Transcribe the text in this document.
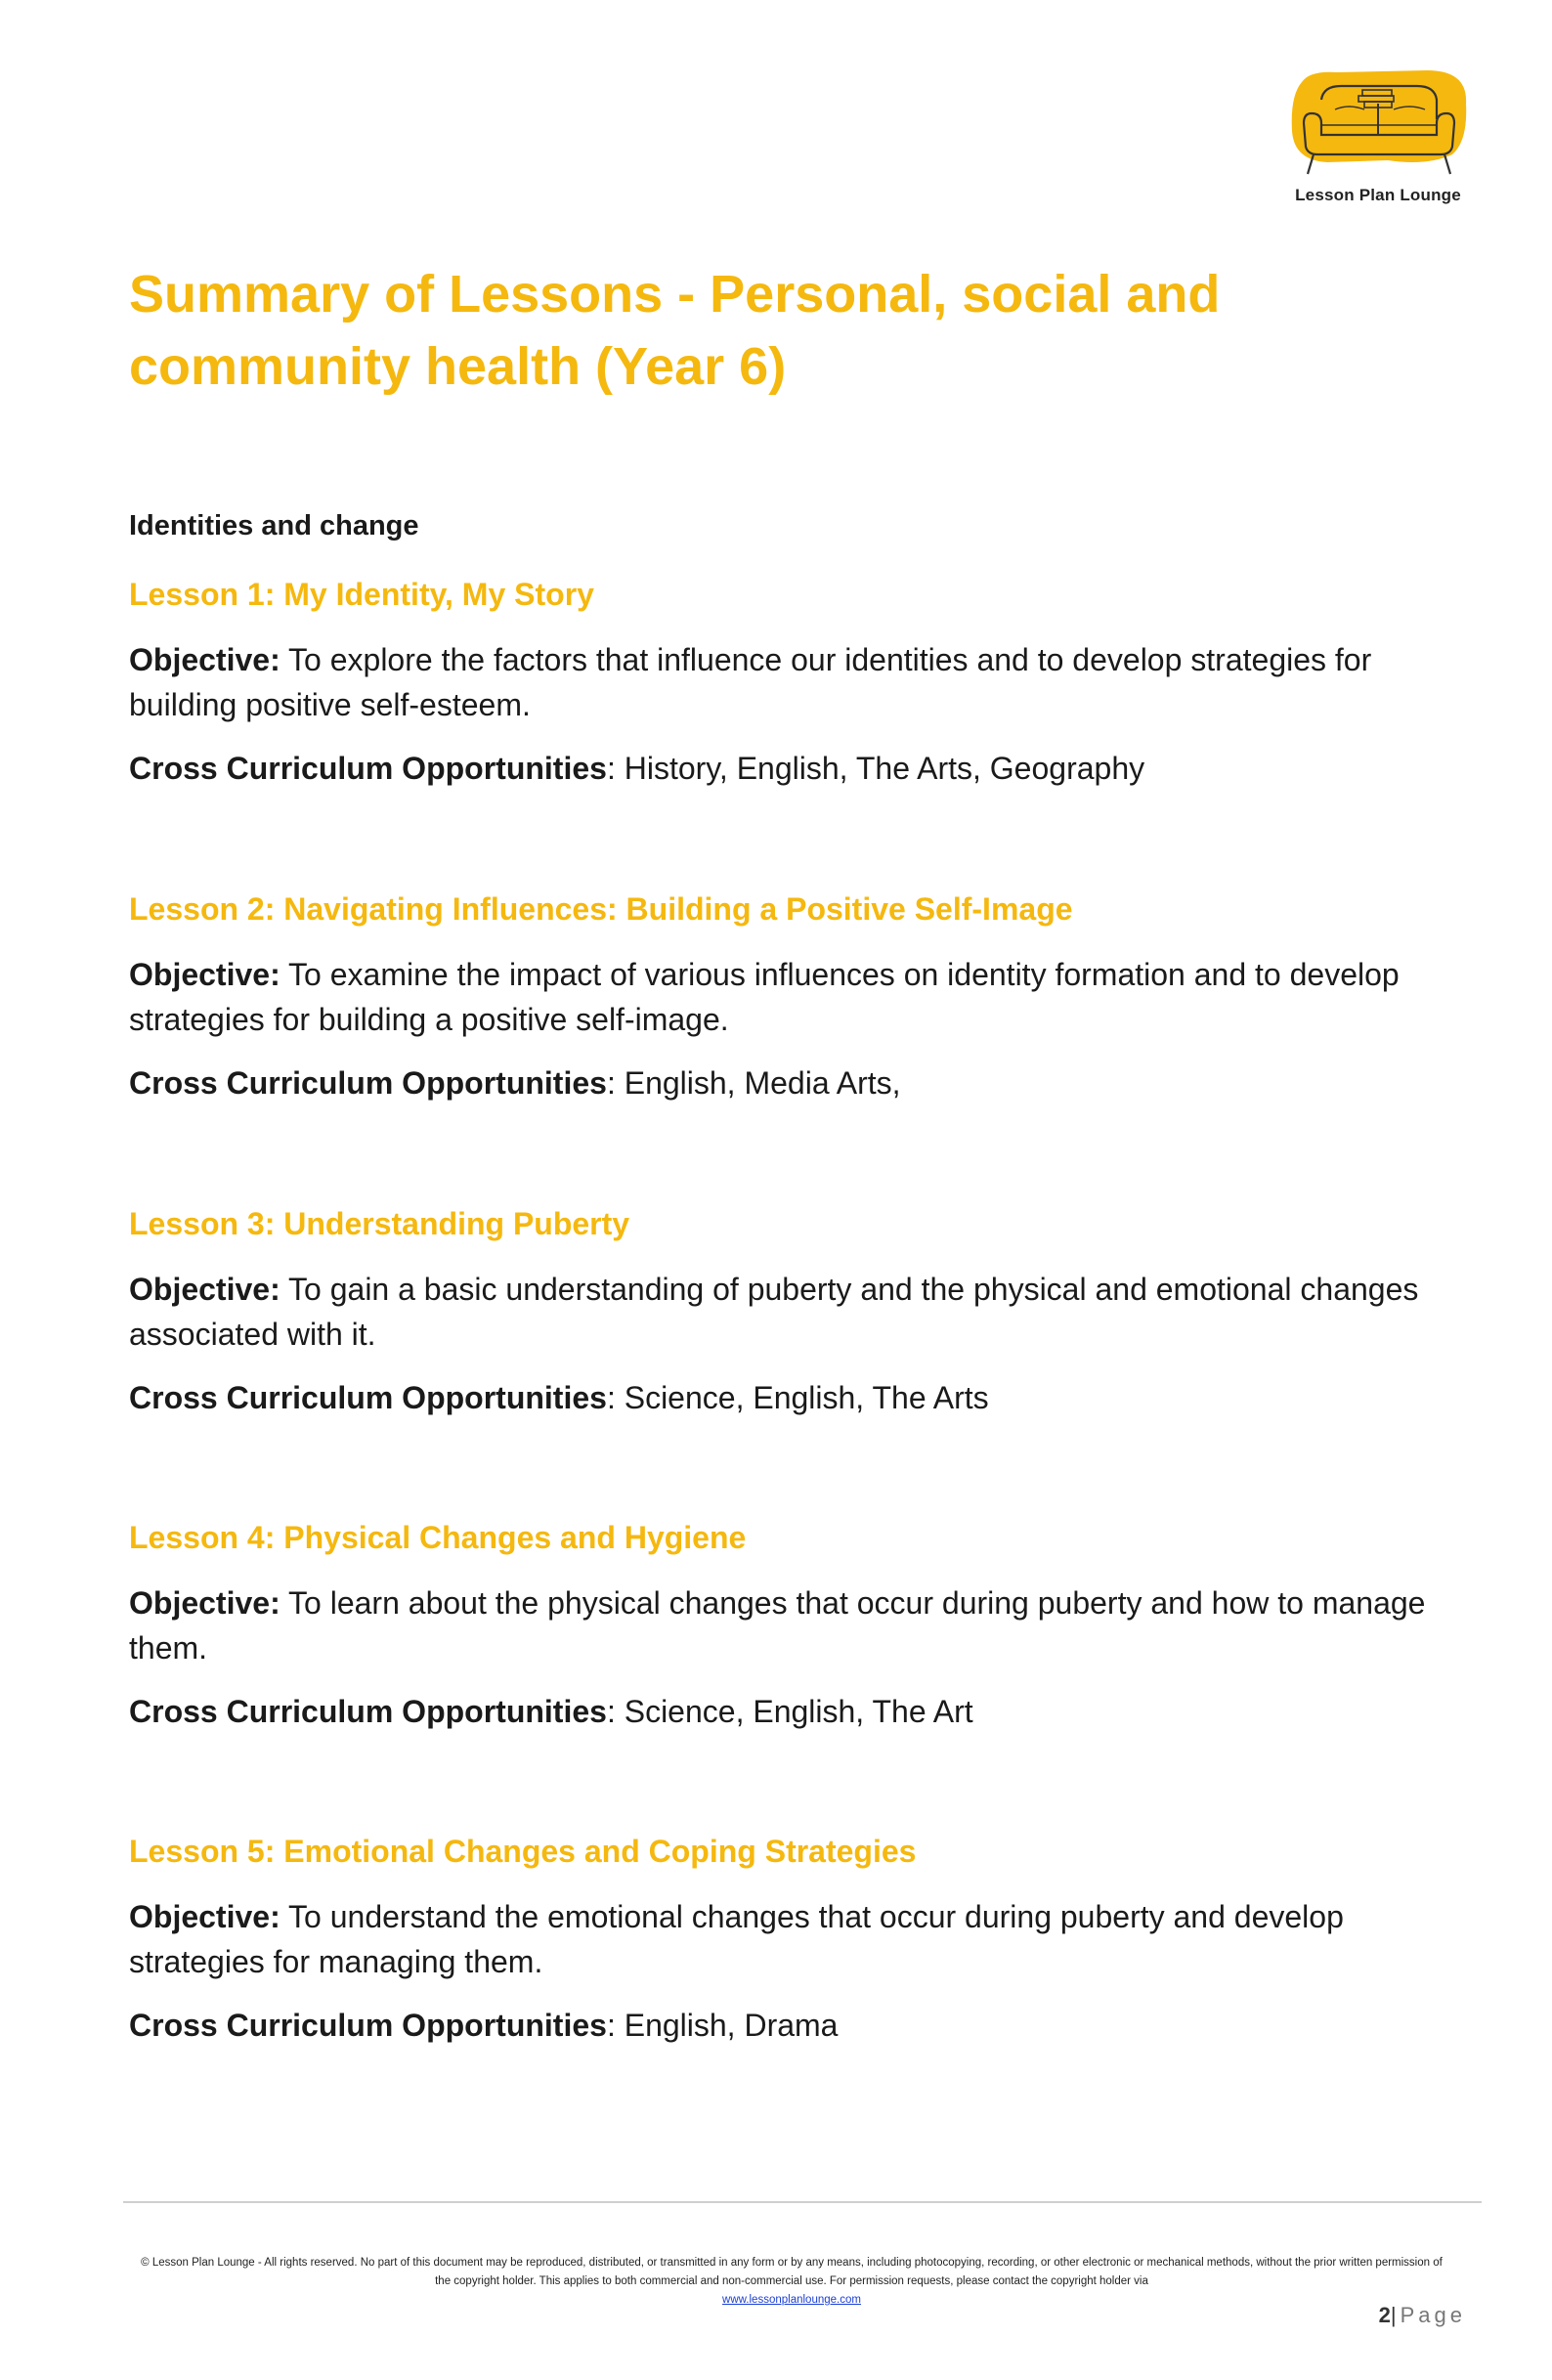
Lesson Plan Lounge
Summary of Lessons - Personal, social and community health (Year 6)
Identities and change
Lesson 1: My Identity, My Story

Objective: To explore the factors that influence our identities and to develop strategies for building positive self-esteem.

Cross Curriculum Opportunities: History, English, The Arts, Geography

Lesson 2: Navigating Influences: Building a Positive Self-Image

Objective: To examine the impact of various influences on identity formation and to develop strategies for building a positive self-image.

Cross Curriculum Opportunities: English, Media Arts,

Lesson 3: Understanding Puberty

Objective: To gain a basic understanding of puberty and the physical and emotional changes associated with it.

Cross Curriculum Opportunities: Science, English, The Arts

Lesson 4: Physical Changes and Hygiene

Objective: To learn about the physical changes that occur during puberty and how to manage them.

Cross Curriculum Opportunities: Science, English, The Art

Lesson 5: Emotional Changes and Coping Strategies

Objective: To understand the emotional changes that occur during puberty and develop strategies for managing them.

Cross Curriculum Opportunities: English, Drama

© Lesson Plan Lounge - All rights reserved. No part of this document may be reproduced, distributed, or transmitted in any form or by any means, including photocopying, recording, or other electronic or mechanical methods, without the prior written permission of the copyright holder. This applies to both commercial and non-commercial use. For permission requests, please contact the copyright holder via
www.lessonplanlounge.com
2|Page
